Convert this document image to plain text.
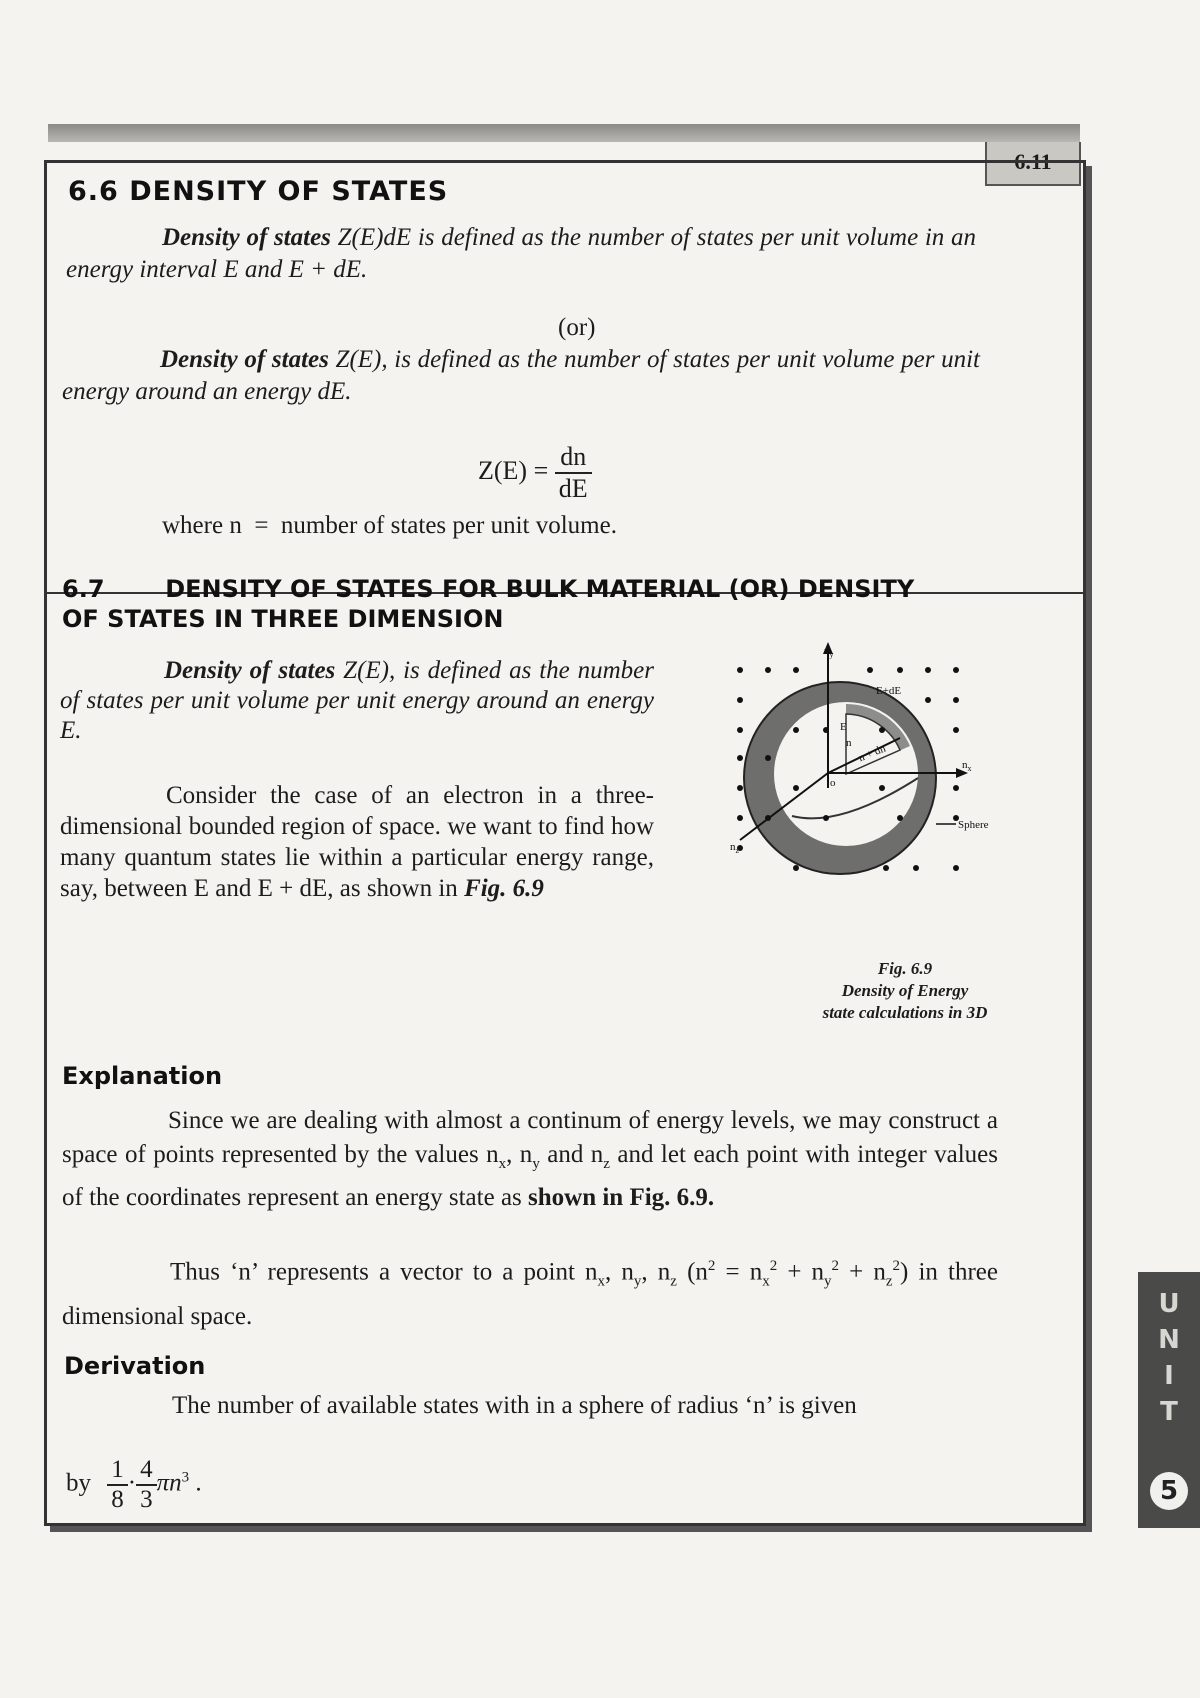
6.11
6.6 DENSITY OF STATES
Density of states Z(E)dE is defined as the number of states per unit volume in an energy interval E and E + dE.
(or)
Density of states Z(E), is defined as the number of states per unit volume per unit energy around an energy dE.
$Z(E) = \frac{dn}{dE}$
where n  =  number of states per unit volume.
6.7	DENSITY OF STATES FOR BULK MATERIAL (OR) DENSITY
OF STATES IN THREE DIMENSION
Density of states Z(E), is defined as the number of states per unit volume per unit energy around an energy E.
Consider the case of an electron in a three-dimensional bounded region of space. we want to find how many quantum states lie within a particular energy range, say, between E and E + dE, as shown in Fig. 6.9
$n_y$
$n_x$
$n_z$
E+dE
E
n n + dn
o
Sphere
Fig. 6.9
Density of Energy
state calculations in 3D
Explanation
Since we are dealing with almost a continum of energy levels, we may construct a space of points represented by the values $n_x$, $n_y$ and $n_z$ and let each point with integer values of the coordinates represent an energy state as shown in Fig. 6.9.
Thus ‘n’ represents a vector to a point $n_x$, $n_y$, $n_z$ $(n^2 = n_x^2 + n_y^2 + n_z^2)$ in three dimensional space.
Derivation
The number of available states with in a sphere of radius ‘n’ is given
by $\frac{1}{8} \cdot \frac{4}{3} \pi n^3$ .
U
N
I
T
5
